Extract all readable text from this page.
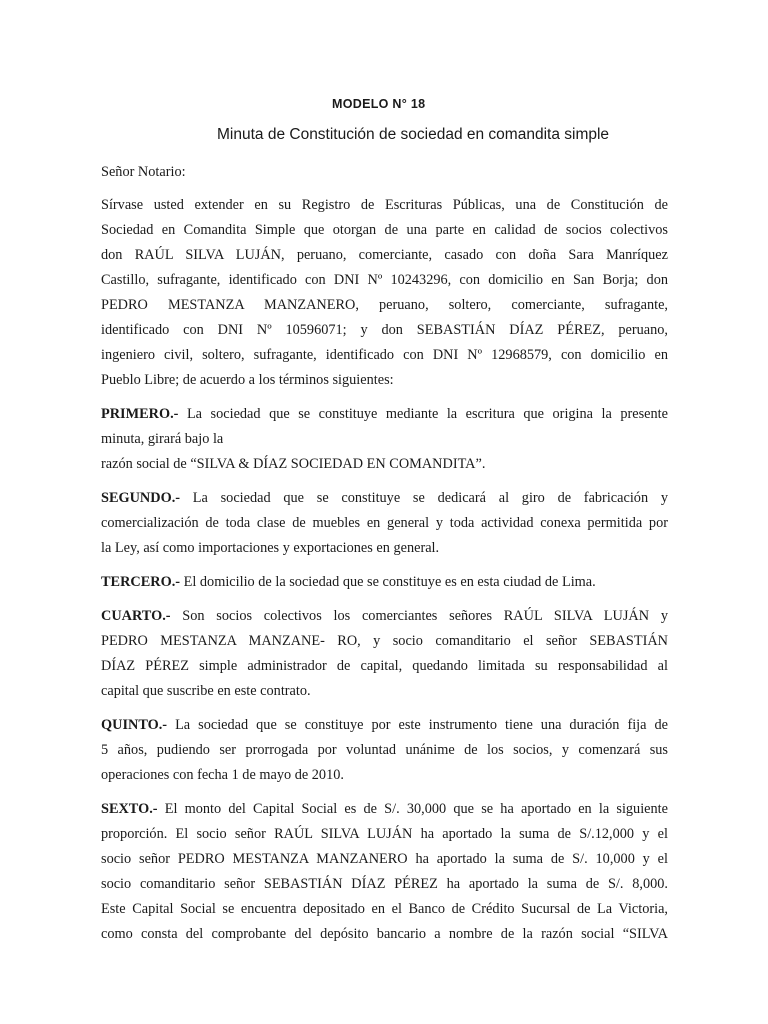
MODELO N° 18
Minuta de Constitución de sociedad en comandita simple

Señor Notario:

Sírvase usted extender en su Registro de Escrituras Públicas, una de Constitución de
Sociedad en Comandita Simple que otorgan de una parte en calidad de socios colectivos
don RAÚL SILVA LUJÁN, peruano, comerciante, casado con doña Sara Manríquez
Castillo, sufragante, identificado con DNI Nº 10243296, con domicilio en San Borja; don
PEDRO MESTANZA MANZANERO, peruano, soltero, comerciante, sufragante,
identificado con DNI Nº 10596071; y don SEBASTIÁN DÍAZ PÉREZ, peruano,
ingeniero civil, soltero, sufragante, identificado con DNI Nº 12968579, con domicilio en
Pueblo Libre; de acuerdo a los términos siguientes:

PRIMERO.- La sociedad que se constituye mediante la escritura que origina la presente
minuta, girará bajo la
razón social de “SILVA & DÍAZ SOCIEDAD EN COMANDITA”.

SEGUNDO.- La sociedad que se constituye se dedicará al giro de fabricación y
comercialización de toda clase de muebles en general y toda actividad conexa permitida por
la Ley, así como importaciones y exportaciones en general.

TERCERO.- El domicilio de la sociedad que se constituye es en esta ciudad de Lima.

CUARTO.- Son socios colectivos los comerciantes señores RAÚL SILVA LUJÁN y
PEDRO MESTANZA MANZANE- RO, y socio comanditario el señor SEBASTIÁN
DÍAZ PÉREZ simple administrador de capital, quedando limitada su responsabilidad al
capital que suscribe en este contrato.

QUINTO.- La sociedad que se constituye por este instrumento tiene una duración fija de
5 años, pudiendo ser prorrogada por voluntad unánime de los socios, y comenzará sus
operaciones con fecha 1 de mayo de 2010.

SEXTO.- El monto del Capital Social es de S/. 30,000 que se ha aportado en la siguiente
proporción. El socio señor RAÚL SILVA LUJÁN ha aportado la suma de S/.12,000 y el
socio señor PEDRO MESTANZA MANZANERO ha aportado la suma de S/. 10,000 y el
socio comanditario señor SEBASTIÁN DÍAZ PÉREZ ha aportado la suma de S/. 8,000.
Este Capital Social se encuentra depositado en el Banco de Crédito Sucursal de La Victoria,
como consta del comprobante del depósito bancario a nombre de la razón social “SILVA
